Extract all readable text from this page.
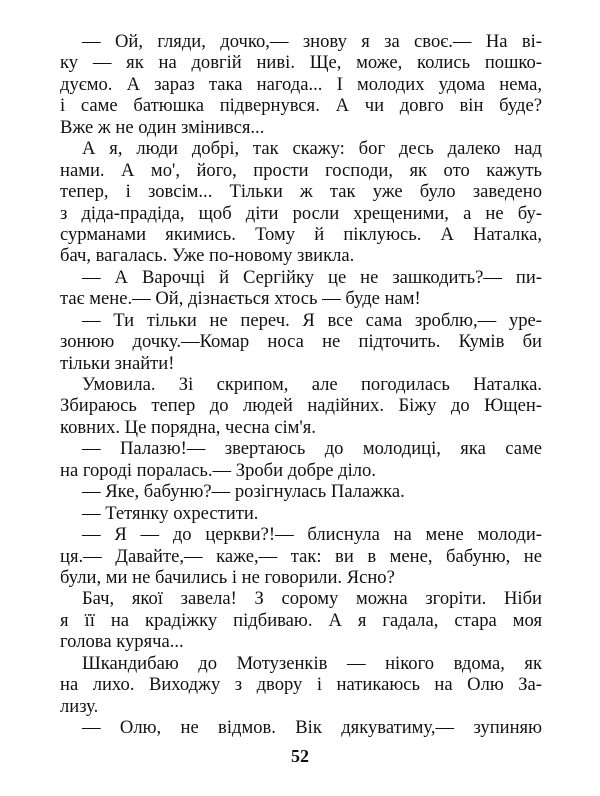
— Ой, гляди, дочко,— знову я за своє.— На ві-
ку — як на довгій ниві. Ще, може, колись пошко-
дуємо. А зараз така нагода... І молодих удома нема,
і саме батюшка підвернувся. А чи довго він буде?
Вже ж не один змінився...
А я, люди добрі, так скажу: бог десь далеко над
нами. А мо', його, прости господи, як ото кажуть
тепер, і зовсім... Тільки ж так уже було заведено
з діда-прадіда, щоб діти росли хрещеними, а не бу-
сурманами якимись. Тому й піклуюсь. А Наталка,
бач, вагалась. Уже по-новому звикла.
— А Варочці й Сергійку це не зашкодить?— пи-
тає мене.— Ой, дізнається хтось — буде нам!
— Ти тільки не переч. Я все сама зроблю,— уре-
зонюю дочку.—Комар носа не підточить. Кумів би
тільки знайти!
Умовила. Зі скрипом, але погодилась Наталка.
Збираюсь тепер до людей надійних. Біжу до Ющен-
ковних. Це порядна, чесна сім'я.
— Палазю!— звертаюсь до молодиці, яка саме
на городі поралась.— Зроби добре діло.
— Яке, бабуню?— розігнулась Палажка.
— Тетянку охрестити.
— Я — до церкви?!— блиснула на мене молоди-
ця.— Давайте,— каже,— так: ви в мене, бабуню, не
були, ми не бачились і не говорили. Ясно?
Бач, якої завела! З сорому можна згоріти. Ніби
я її на крадіжку підбиваю. А я гадала, стара моя
голова куряча...
Шкандибаю до Мотузенків — нікого вдома, як
на лихо. Виходжу з двору і натикаюсь на Олю За-
лизу.
— Олю, не відмов. Вік дякуватиму,— зупиняю
52
